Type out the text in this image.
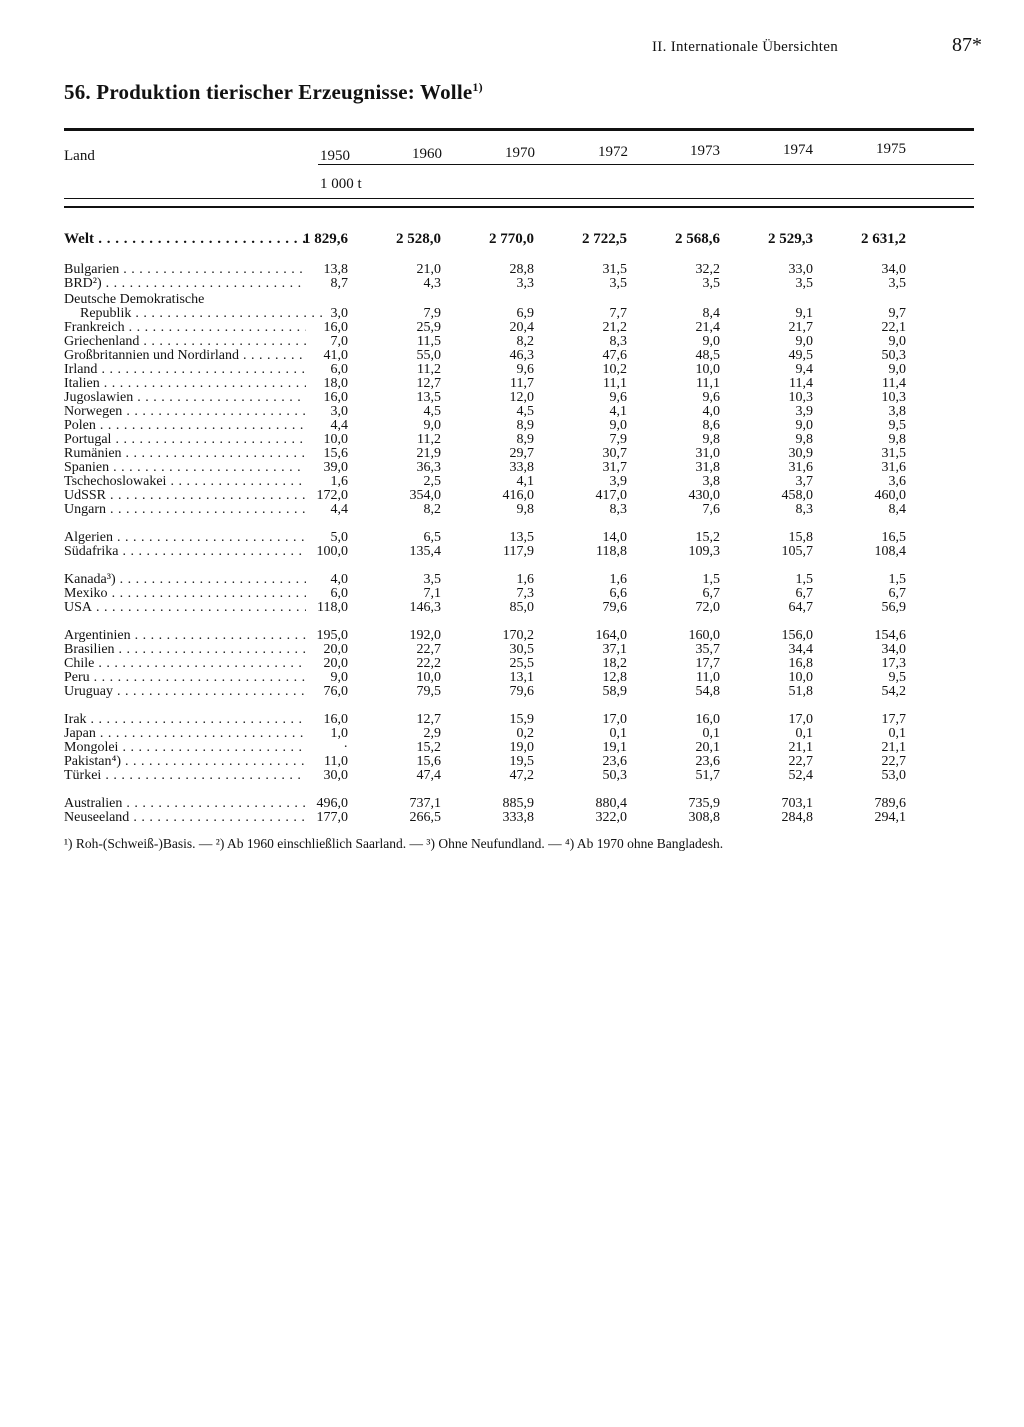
II. Internationale Übersichten	87*
56. Produktion tierischer Erzeugnisse: Wolle$^{1)}$
Land	1950	1960	1970	1972	1973	1974	1975
1 000 t
Welt . . .	1 829,6	2 528,0	2 770,0	2 722,5	2 568,6	2 529,3	2 631,2
Bulgarien . . .	13,8	21,0	28,8	31,5	32,2	33,0	34,0
BRD²) . . .	8,7	4,3	3,3	3,5	3,5	3,5	3,5
Deutsche Demokratische
Republik . . .	3,0	7,9	6,9	7,7	8,4	9,1	9,7
Frankreich . . .	16,0	25,9	20,4	21,2	21,4	21,7	22,1
Griechenland . . .	7,0	11,5	8,2	8,3	9,0	9,0	9,0
Großbritannien und Nordirland . . .	41,0	55,0	46,3	47,6	48,5	49,5	50,3
Irland . . .	6,0	11,2	9,6	10,2	10,0	9,4	9,0
Italien . . .	18,0	12,7	11,7	11,1	11,1	11,4	11,4
Jugoslawien . . .	16,0	13,5	12,0	9,6	9,6	10,3	10,3
Norwegen . . .	3,0	4,5	4,5	4,1	4,0	3,9	3,8
Polen . . .	4,4	9,0	8,9	9,0	8,6	9,0	9,5
Portugal . . .	10,0	11,2	8,9	7,9	9,8	9,8	9,8
Rumänien . . .	15,6	21,9	29,7	30,7	31,0	30,9	31,5
Spanien . . .	39,0	36,3	33,8	31,7	31,8	31,6	31,6
Tschechoslowakei . . .	1,6	2,5	4,1	3,9	3,8	3,7	3,6
UdSSR . . .	172,0	354,0	416,0	417,0	430,0	458,0	460,0
Ungarn . . .	4,4	8,2	9,8	8,3	7,6	8,3	8,4
Algerien . . .	5,0	6,5	13,5	14,0	15,2	15,8	16,5
Südafrika . . .	100,0	135,4	117,9	118,8	109,3	105,7	108,4
Kanada³) . . .	4,0	3,5	1,6	1,6	1,5	1,5	1,5
Mexiko . . .	6,0	7,1	7,3	6,6	6,7	6,7	6,7
USA . . .	118,0	146,3	85,0	79,6	72,0	64,7	56,9
Argentinien . . .	195,0	192,0	170,2	164,0	160,0	156,0	154,6
Brasilien . . .	20,0	22,7	30,5	37,1	35,7	34,4	34,0
Chile . . .	20,0	22,2	25,5	18,2	17,7	16,8	17,3
Peru . . .	9,0	10,0	13,1	12,8	11,0	10,0	9,5
Uruguay . . .	76,0	79,5	79,6	58,9	54,8	51,8	54,2
Irak . . .	16,0	12,7	15,9	17,0	16,0	17,0	17,7
Japan . . .	1,0	2,9	0,2	0,1	0,1	0,1	0,1
Mongolei . . .	·	15,2	19,0	19,1	20,1	21,1	21,1
Pakistan⁴) . . .	11,0	15,6	19,5	23,6	23,6	22,7	22,7
Türkei . . .	30,0	47,4	47,2	50,3	51,7	52,4	53,0
Australien . . .	496,0	737,1	885,9	880,4	735,9	703,1	789,6
Neuseeland . . .	177,0	266,5	333,8	322,0	308,8	284,8	294,1
¹) Roh-(Schweiß-)Basis. — ²) Ab 1960 einschließlich Saarland. — ³) Ohne Neufundland. — ⁴) Ab 1970 ohne Bangladesh.
